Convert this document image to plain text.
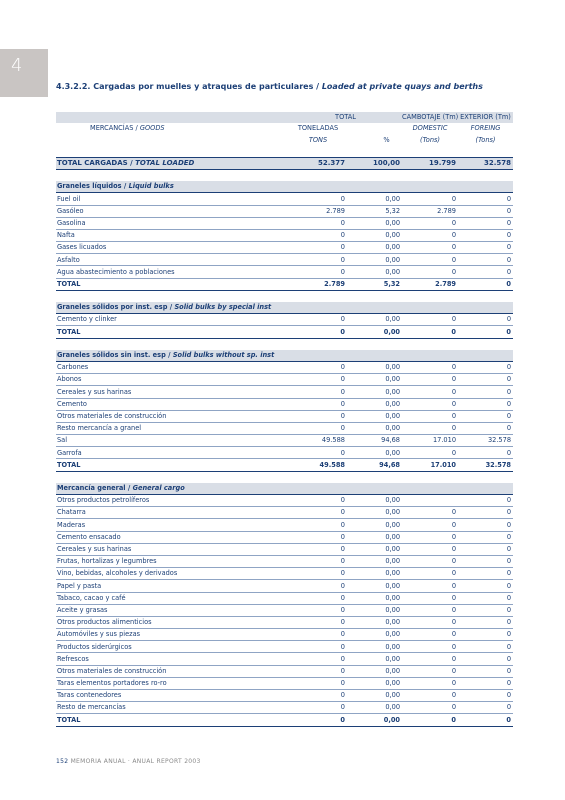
4
4.3.2.2. Cargadas por muelles y atraques de particulares / Loaded at private quays and berths
	TOTAL		CAMBOTAJE (Tm)	EXTERIOR (Tm)
MERCANCÍAS / GOODS	TONELADAS		DOMESTIC	FOREING
	TONS	%	(Tons)	(Tons)

TOTAL CARGADAS / TOTAL LOADED	52.377	100,00	19.799	32.578

Graneles líquidos / Liquid bulks				
Fuel oil	0	0,00	0	0
Gasóleo	2.789	5,32	2.789	0
Gasolina	0	0,00	0	0
Nafta	0	0,00	0	0
Gases licuados	0	0,00	0	0
Asfalto	0	0,00	0	0
Agua abastecimiento a poblaciones	0	0,00	0	0
TOTAL	2.789	5,32	2.789	0

Graneles sólidos por inst. esp / Solid bulks by special inst				
Cemento y clinker	0	0,00	0	0
TOTAL	0	0,00	0	0

Graneles sólidos sin inst. esp / Solid bulks without sp. inst				
Carbones	0	0,00	0	0
Abonos	0	0,00	0	0
Cereales y sus harinas	0	0,00	0	0
Cemento	0	0,00	0	0
Otros materiales de construcción	0	0,00	0	0
Resto mercancía a granel	0	0,00	0	0
Sal	49.588	94,68	17.010	32.578
Garrofa	0	0,00	0	0
TOTAL	49.588	94,68	17.010	32.578

Mercancía general / General cargo				
Otros productos petrolíferos	0	0,00		0
Chatarra	0	0,00	0	0
Maderas	0	0,00	0	0
Cemento ensacado	0	0,00	0	0
Cereales y sus harinas	0	0,00	0	0
Frutas, hortalizas y legumbres	0	0,00	0	0
Vino, bebidas, alcoholes y derivados	0	0,00	0	0
Papel y pasta	0	0,00	0	0
Tabaco, cacao y café	0	0,00	0	0
Aceite y grasas	0	0,00	0	0
Otros productos alimenticios	0	0,00	0	0
Automóviles y sus piezas	0	0,00	0	0
Productos siderúrgicos	0	0,00	0	0
Refrescos	0	0,00	0	0
Otros materiales de construcción	0	0,00	0	0
Taras elementos portadores ro-ro	0	0,00	0	0
Taras contenedores	0	0,00	0	0
Resto de mercancías	0	0,00	0	0
TOTAL	0	0,00	0	0
152 MEMORIA ANUAL · ANUAL REPORT 2003
